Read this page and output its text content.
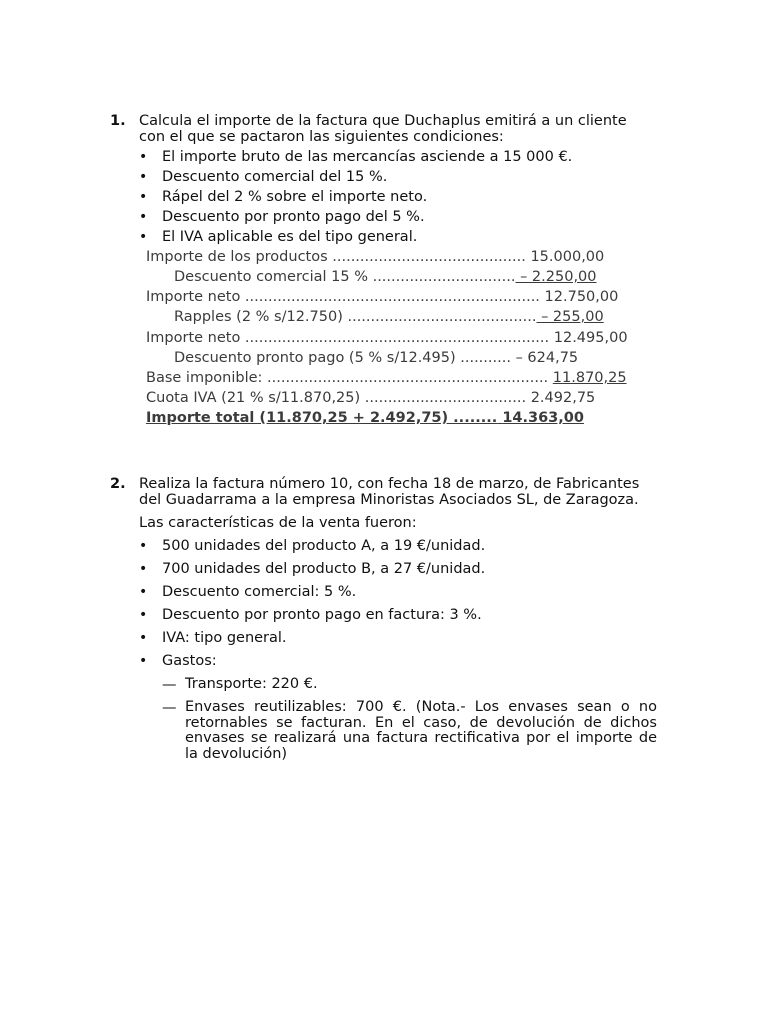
1. Calcula el importe de la factura que Duchaplus emitirá a un cliente con el que se pactaron las siguientes condiciones:
• El importe bruto de las mercancías asciende a 15 000 €.
• Descuento comercial del 15 %.
• Rápel del 2 % sobre el importe neto.
• Descuento por pronto pago del 5 %.
• El IVA aplicable es del tipo general.
Importe de los productos .......................................... 15.000,00
Descuento comercial 15 % ............................... – 2.250,00
Importe neto ................................................................ 12.750,00
Rapples (2 % s/12.750) ......................................... – 255,00
Importe neto .................................................................. 12.495,00
Descuento pronto pago (5 % s/12.495) ........... – 624,75
Base imponible: ............................................................. 11.870,25
Cuota IVA (21 % s/11.870,25) ................................... 2.492,75
Importe total (11.870,25 + 2.492,75) ........ 14.363,00
2. Realiza la factura número 10, con fecha 18 de marzo, de Fabricantes del Guadarrama a la empresa Minoristas Asociados SL, de Zaragoza.
Las características de la venta fueron:
• 500 unidades del producto A, a 19 €/unidad.
• 700 unidades del producto B, a 27 €/unidad.
• Descuento comercial: 5 %.
• Descuento por pronto pago en factura: 3 %.
• IVA: tipo general.
• Gastos:
— Transporte: 220 €.
— Envases reutilizables: 700 €. (Nota.- Los envases sean o no retornables se facturan. En el caso, de devolución de dichos envases se realizará una factura rectificativa por el importe de la devolución)
